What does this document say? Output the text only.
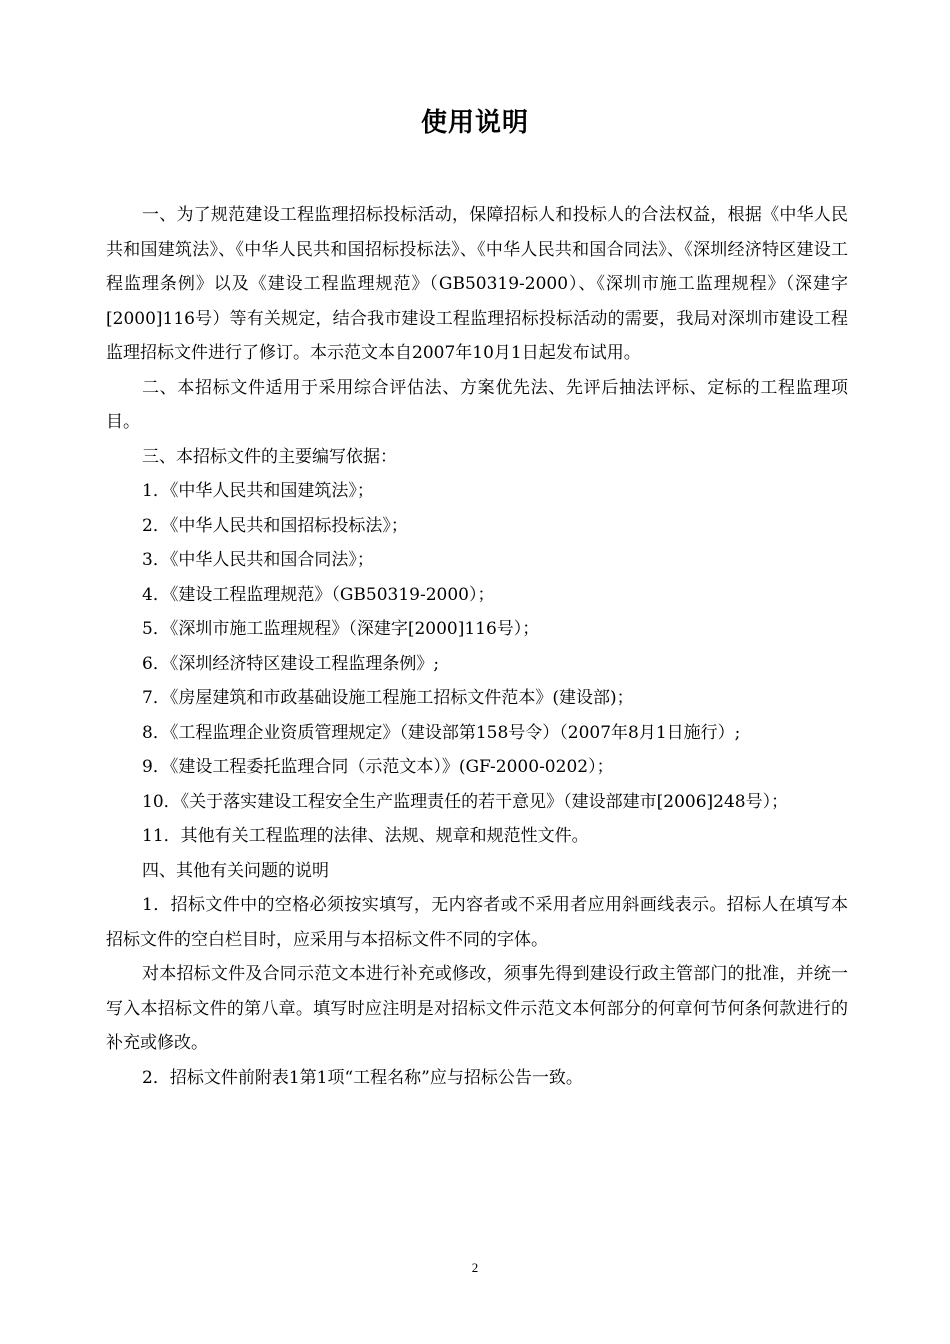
使用说明

一、为了规范建设工程监理招标投标活动，保障招标人和投标人的合法权益，根据《中华人民共和国建筑法》、《中华人民共和国招标投标法》、《中华人民共和国合同法》、《深圳经济特区建设工程监理条例》以及《建设工程监理规范》（GB50319-2000）、《深圳市施工监理规程》（深建字[2000]116号）等有关规定，结合我市建设工程监理招标投标活动的需要，我局对深圳市建设工程监理招标文件进行了修订。本示范文本自2007年10月1日起发布试用。

二、本招标文件适用于采用综合评估法、方案优先法、先评后抽法评标、定标的工程监理项目。

三、本招标文件的主要编写依据：

1．《中华人民共和国建筑法》；

2．《中华人民共和国招标投标法》；

3．《中华人民共和国合同法》；

4．《建设工程监理规范》（GB50319-2000）；

5．《深圳市施工监理规程》（深建字[2000]116号）；

6．《深圳经济特区建设工程监理条例》;

7．《房屋建筑和市政基础设施工程施工招标文件范本》(建设部)；

8．《工程监理企业资质管理规定》（建设部第158号令）（2007年8月1日施行）;

9．《建设工程委托监理合同（示范文本）》(GF-2000-0202）；

10．《关于落实建设工程安全生产监理责任的若干意见》（建设部建市[2006]248号）；

11．其他有关工程监理的法律、法规、规章和规范性文件。

四、其他有关问题的说明

1．招标文件中的空格必须按实填写，无内容者或不采用者应用斜画线表示。招标人在填写本招标文件的空白栏目时，应采用与本招标文件不同的字体。

对本招标文件及合同示范文本进行补充或修改，须事先得到建设行政主管部门的批准，并统一写入本招标文件的第八章。填写时应注明是对招标文件示范文本何部分的何章何节何条何款进行的补充或修改。

2．招标文件前附表1第1项“工程名称”应与招标公告一致。

2
